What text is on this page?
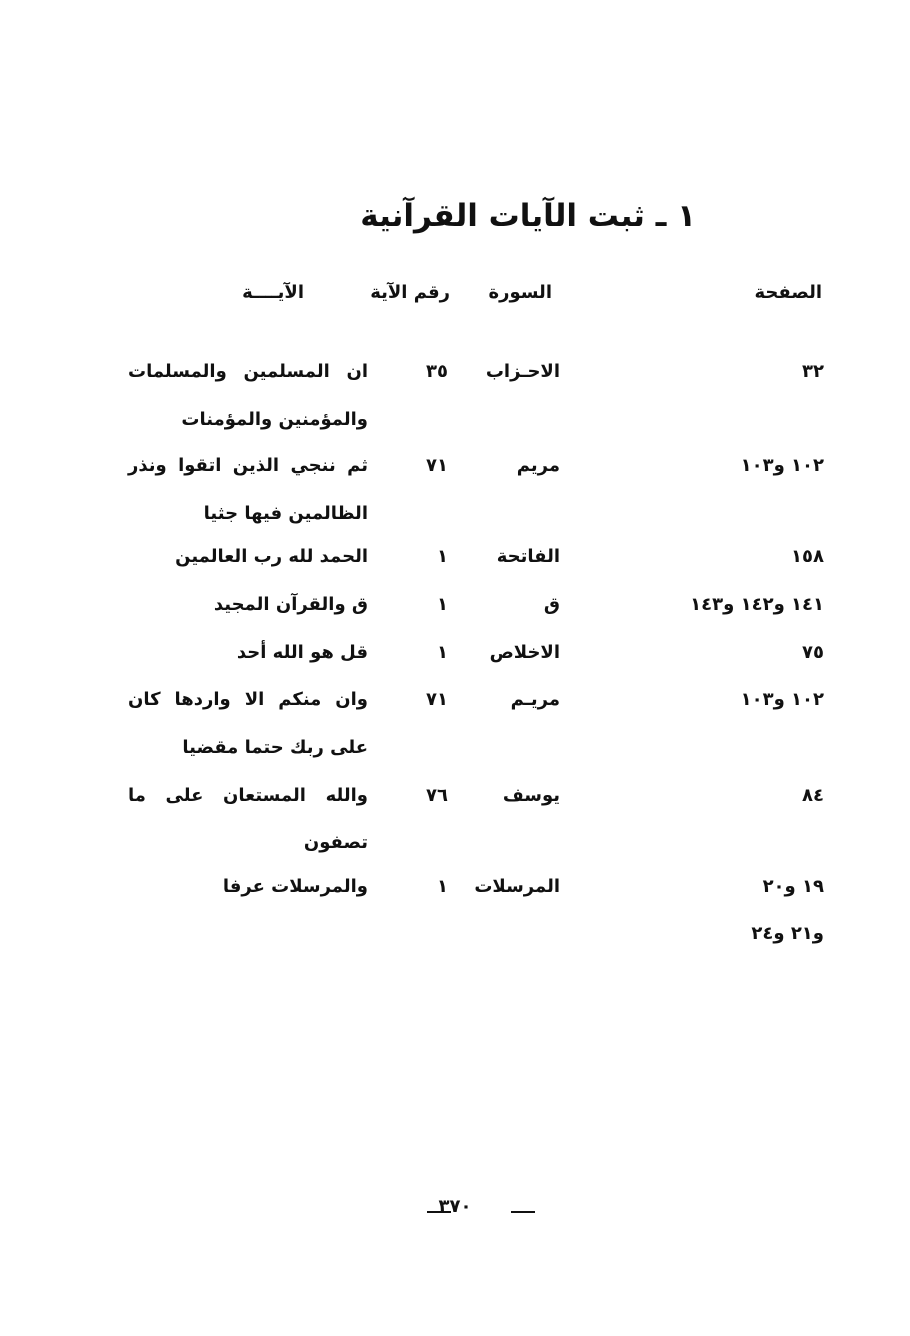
١ ـ ثبت الآيات القرآنية
الصفحة
السورة
رقم الآية
الآيــــة
٣٢
الاحـزاب
٣٥
ان المسلمين والمسلمات
والمؤمنين والمؤمنات
١٠٢ و١٠٣
مريم
٧١
ثم ننجي الذين اتقوا ونذر
الظالمين فيها جثيا
١٥٨
الفاتحة
١
الحمد لله رب العالمين
١٤١ و١٤٢ و١٤٣
ق
١
ق والقرآن المجيد
٧٥
الاخلاص
١
قل هو الله أحد
١٠٢ و١٠٣
مريـم
٧١
وان منكم الا واردها كان
على ربك حتما مقضيا
٨٤
يوسف
٧٦
والله المستعان على ما
تصفون
١٩ و٢٠
المرسلات
١
والمرسلات عرفا
و٢١ و٢٤
٣٧٠
